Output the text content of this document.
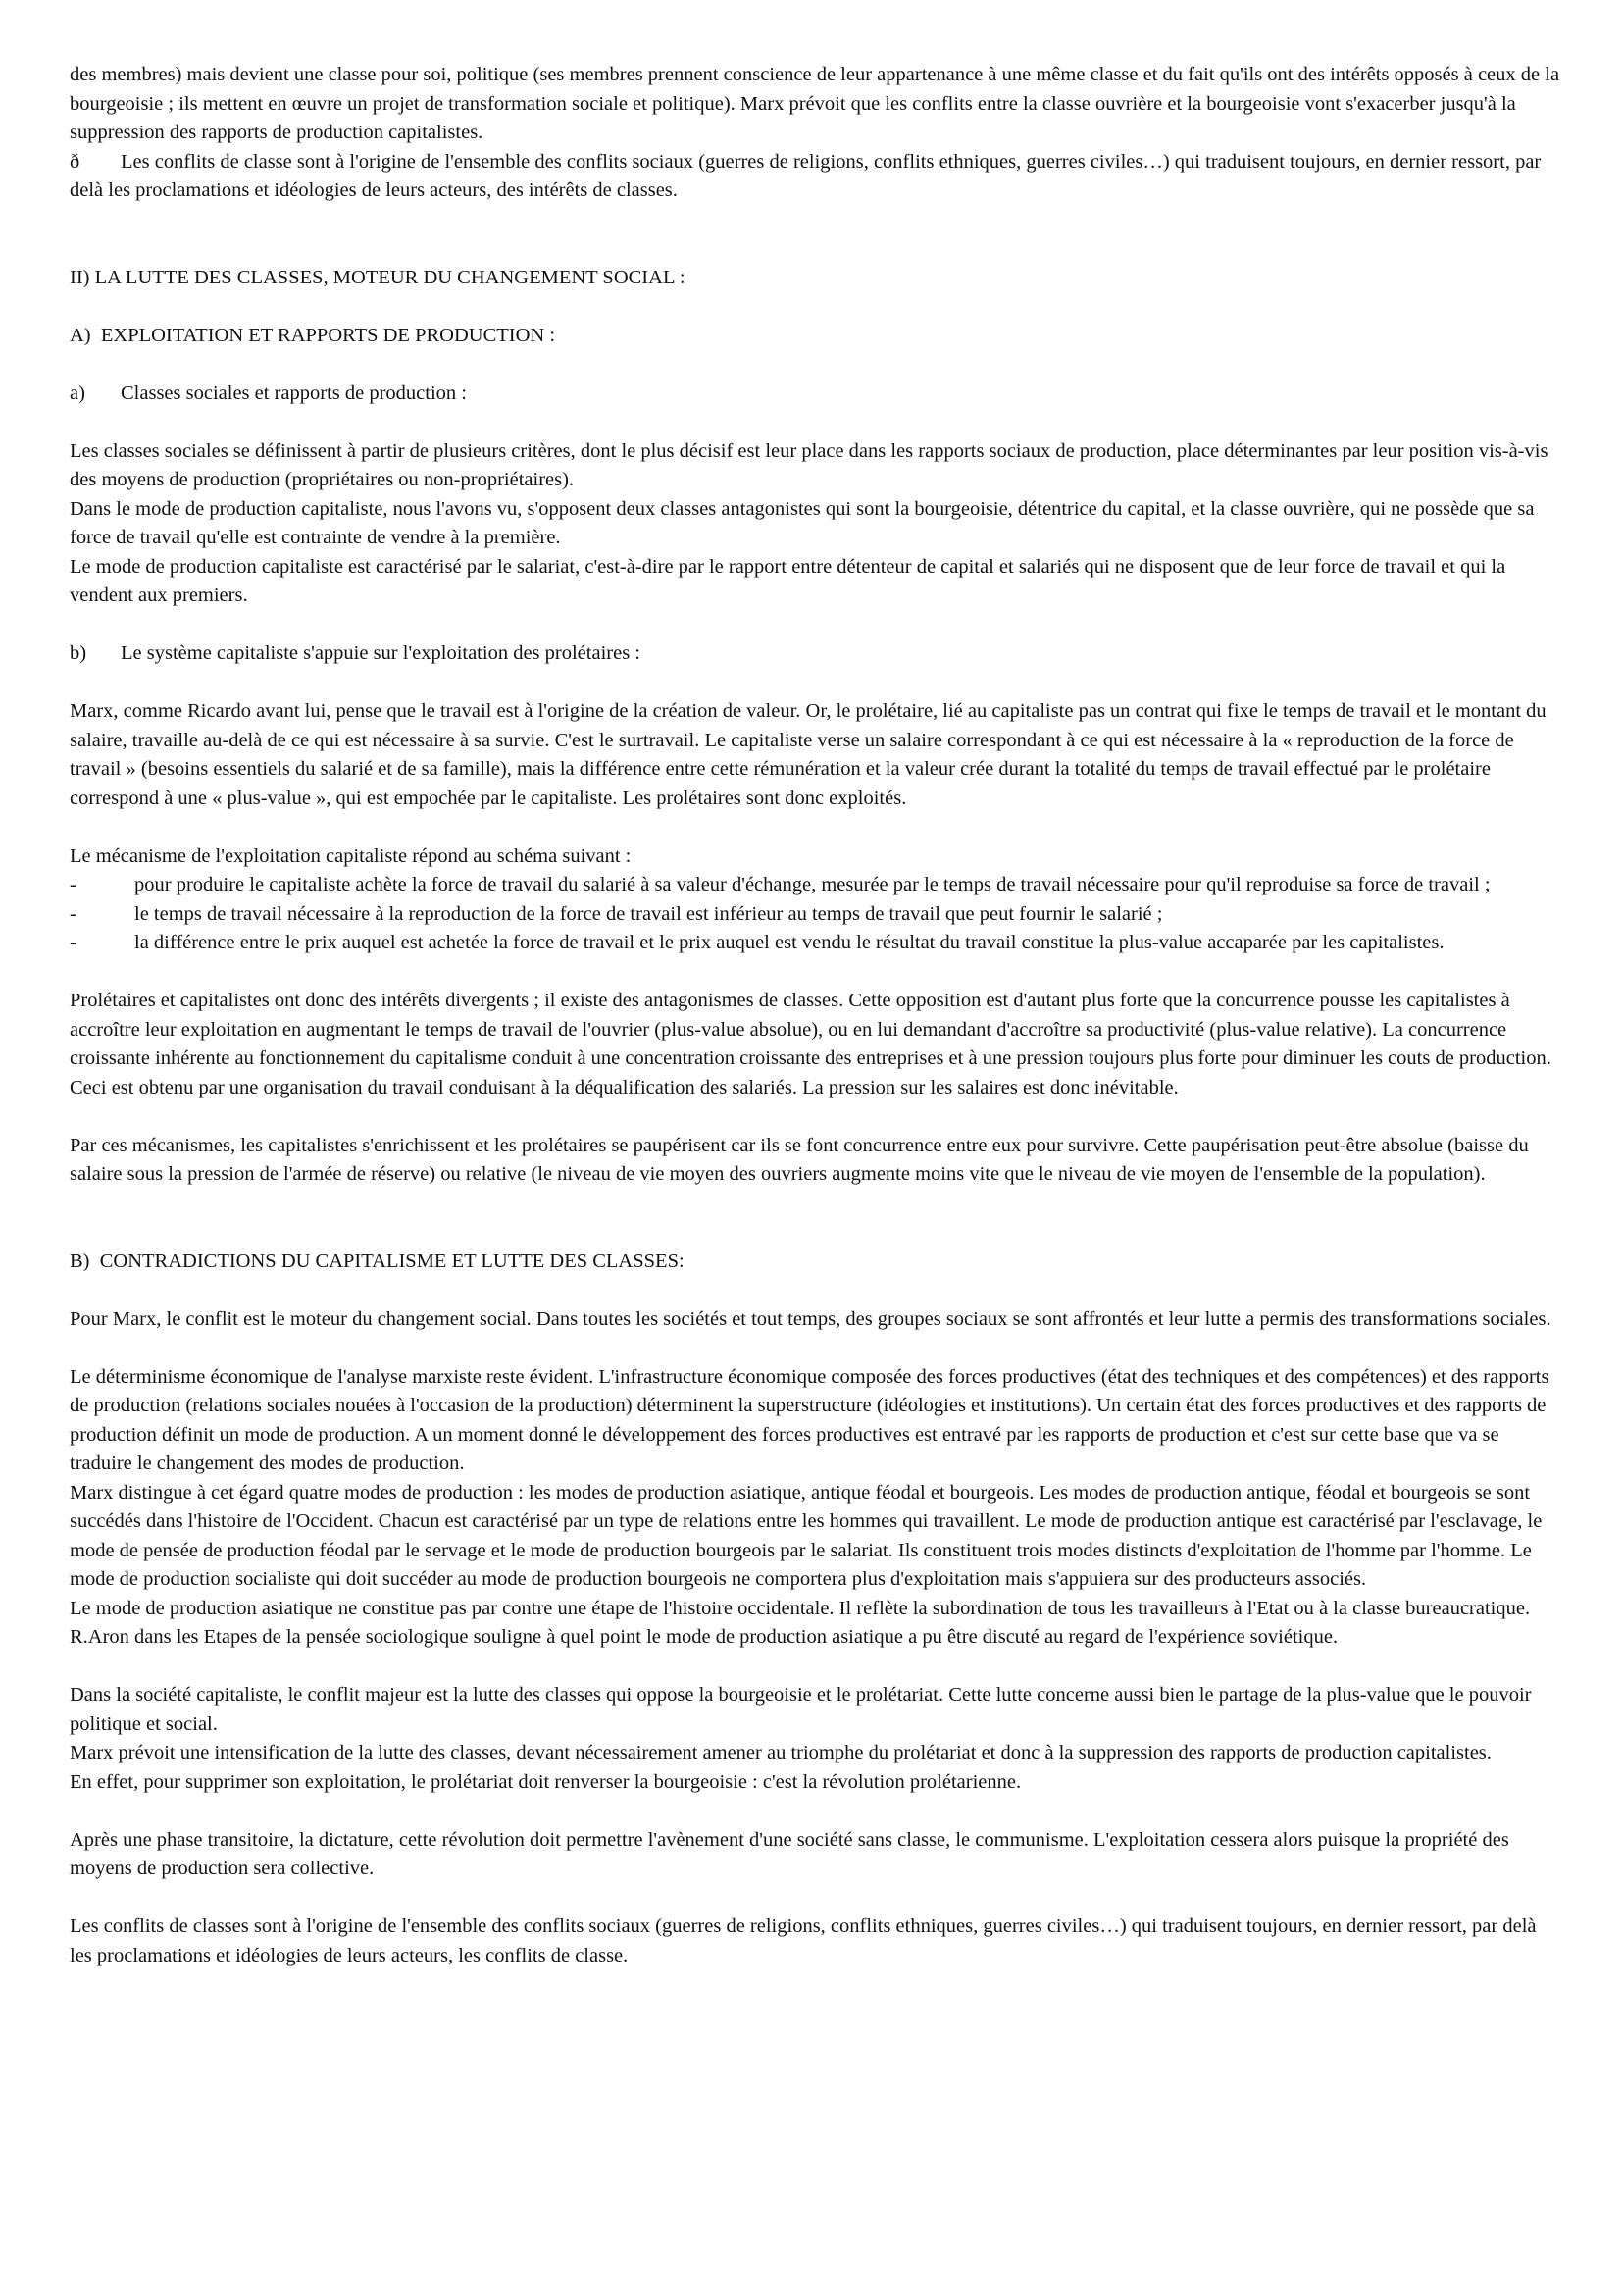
des membres) mais devient une classe pour soi, politique (ses membres prennent conscience de leur appartenance à une même classe et du fait qu'ils ont des intérêts opposés à ceux de la bourgeoisie ; ils mettent en œuvre un projet de transformation sociale et politique). Marx prévoit que les conflits entre la classe ouvrière et la bourgeoisie vont s'exacerber jusqu'à la suppression des rapports de production capitalistes.

ð Les conflits de classe sont à l'origine de l'ensemble des conflits sociaux (guerres de religions, conflits ethniques, guerres civiles…) qui traduisent toujours, en dernier ressort, par delà les proclamations et idéologies de leurs acteurs, des intérêts de classes.

II) LA LUTTE DES CLASSES, MOTEUR DU CHANGEMENT SOCIAL :

A)  EXPLOITATION ET RAPPORTS DE PRODUCTION :

a) Classes sociales et rapports de production :

Les classes sociales se définissent à partir de plusieurs critères, dont le plus décisif est leur place dans les rapports sociaux de production, place déterminantes par leur position vis-à-vis des moyens de production (propriétaires ou non-propriétaires).

Dans le mode de production capitaliste, nous l'avons vu, s'opposent deux classes antagonistes qui sont la bourgeoisie, détentrice du capital, et la classe ouvrière, qui ne possède que sa force de travail qu'elle est contrainte de vendre à la première.

Le mode de production capitaliste est caractérisé par le salariat, c'est-à-dire par le rapport entre détenteur de capital et salariés qui ne disposent que de leur force de travail et qui la vendent aux premiers.

b) Le système capitaliste s'appuie sur l'exploitation des prolétaires :

Marx, comme Ricardo avant lui, pense que le travail est à l'origine de la création de valeur. Or, le prolétaire, lié au capitaliste pas un contrat qui fixe le temps de travail et le montant du salaire, travaille au-delà de ce qui est nécessaire à sa survie. C'est le surtravail. Le capitaliste verse un salaire correspondant à ce qui est nécessaire à la « reproduction de la force de travail » (besoins essentiels du salarié et de sa famille), mais la différence entre cette rémunération et la valeur crée durant la totalité du temps de travail effectué par le prolétaire correspond à une « plus-value », qui est empochée par le capitaliste. Les prolétaires sont donc exploités.

Le mécanisme de l'exploitation capitaliste répond au schéma suivant :

-	pour produire le capitaliste achète la force de travail du salarié à sa valeur d'échange, mesurée par le temps de travail nécessaire pour qu'il reproduise sa force de travail ;

-	le temps de travail nécessaire à la reproduction de la force de travail est inférieur au temps de travail que peut fournir le salarié ;

-	la différence entre le prix auquel est achetée la force de travail et le prix auquel est vendu le résultat du travail constitue la plus-value accaparée par les capitalistes.

Prolétaires et capitalistes ont donc des intérêts divergents ; il existe des antagonismes de classes. Cette opposition est d'autant plus forte que la concurrence pousse les capitalistes à accroître leur exploitation en augmentant le temps de travail de l'ouvrier (plus-value absolue), ou en lui demandant d'accroître sa productivité (plus-value relative). La concurrence croissante inhérente au fonctionnement du capitalisme conduit à une concentration croissante des entreprises et à une pression toujours plus forte pour diminuer les couts de production. Ceci est obtenu par une organisation du travail conduisant à la déqualification des salariés. La pression sur les salaires est donc inévitable.

Par ces mécanismes, les capitalistes s'enrichissent et les prolétaires se paupérisent car ils se font concurrence entre eux pour survivre. Cette paupérisation peut-être absolue (baisse du salaire sous la pression de l'armée de réserve) ou relative (le niveau de vie moyen des ouvriers augmente moins vite que le niveau de vie moyen de l'ensemble de la population).

B)  CONTRADICTIONS DU CAPITALISME ET LUTTE DES CLASSES:

Pour Marx, le conflit est le moteur du changement social. Dans toutes les sociétés et tout temps, des groupes sociaux se sont affrontés et leur lutte a permis des transformations sociales.

Le déterminisme économique de l'analyse marxiste reste évident. L'infrastructure économique composée des forces productives (état des techniques et des compétences) et des rapports de production (relations sociales nouées à l'occasion de la production) déterminent la superstructure (idéologies et institutions). Un certain état des forces productives et des rapports de production définit un mode de production. A un moment donné le développement des forces productives est entravé par les rapports de production et c'est sur cette base que va se traduire le changement des modes de production.

Marx distingue à cet égard quatre modes de production : les modes de production asiatique, antique féodal et bourgeois. Les modes de production antique, féodal et bourgeois se sont succédés dans l'histoire de l'Occident. Chacun est caractérisé par un type de relations entre les hommes qui travaillent. Le mode de production antique est caractérisé par l'esclavage, le mode de pensée de production féodal par le servage et le mode de production bourgeois par le salariat. Ils constituent trois modes distincts d'exploitation de l'homme par l'homme. Le mode de production socialiste qui doit succéder au mode de production bourgeois ne comportera plus d'exploitation mais s'appuiera sur des producteurs associés.

Le mode de production asiatique ne constitue pas par contre une étape de l'histoire occidentale. Il reflète la subordination de tous les travailleurs à l'Etat ou à la classe bureaucratique. R.Aron dans les Etapes de la pensée sociologique souligne à quel point le mode de production asiatique a pu être discuté au regard de l'expérience soviétique.

Dans la société capitaliste, le conflit majeur est la lutte des classes qui oppose la bourgeoisie et le prolétariat. Cette lutte concerne aussi bien le partage de la plus-value que le pouvoir politique et social.

Marx prévoit une intensification de la lutte des classes, devant nécessairement amener au triomphe du prolétariat et donc à la suppression des rapports de production capitalistes.

En effet, pour supprimer son exploitation, le prolétariat doit renverser la bourgeoisie : c'est la révolution prolétarienne.

Après une phase transitoire, la dictature, cette révolution doit permettre l'avènement d'une société sans classe, le communisme. L'exploitation cessera alors puisque la propriété des moyens de production sera collective.

Les conflits de classes sont à l'origine de l'ensemble des conflits sociaux (guerres de religions, conflits ethniques, guerres civiles…) qui traduisent toujours, en dernier ressort, par delà les proclamations et idéologies de leurs acteurs, les conflits de classe.
